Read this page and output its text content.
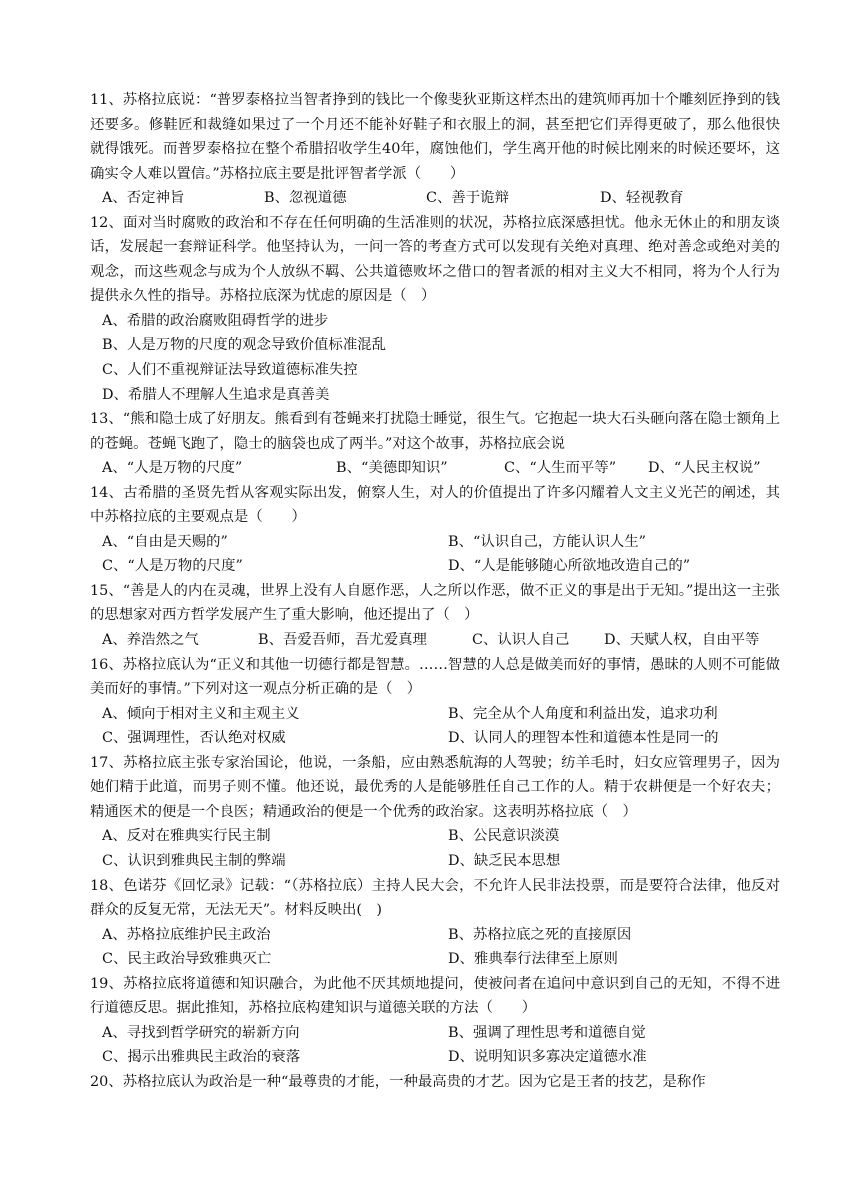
11、苏格拉底说：“普罗泰格拉当智者挣到的钱比一个像斐狄亚斯这样杰出的建筑师再加十个雕刻匠挣到的钱还要多。修鞋匠和裁缝如果过了一个月还不能补好鞋子和衣服上的洞，甚至把它们弄得更破了，那么他很快就得饿死。而普罗泰格拉在整个希腊招收学生40年，腐蚀他们，学生离开他的时候比刚来的时候还要坏，这确实令人难以置信。”苏格拉底主要是批评智者学派（　　）

A、否定神旨	B、忽视道德	C、善于诡辩	D、轻视教育

12、面对当时腐败的政治和不存在任何明确的生活准则的状况，苏格拉底深感担忧。他永无休止的和朋友谈话，发展起一套辩证科学。他坚持认为，一问一答的考查方式可以发现有关绝对真理、绝对善念或绝对美的观念，而这些观念与成为个人放纵不羁、公共道德败坏之借口的智者派的相对主义大不相同，将为个人行为提供永久性的指导。苏格拉底深为忧虑的原因是（　）

A、希腊的政治腐败阻碍哲学的进步
B、人是万物的尺度的观念导致价值标准混乱
C、人们不重视辩证法导致道德标准失控
D、希腊人不理解人生追求是真善美

13、“熊和隐士成了好朋友。熊看到有苍蝇来打扰隐士睡觉，很生气。它抱起一块大石头砸向落在隐士额角上的苍蝇。苍蝇飞跑了，隐士的脑袋也成了两半。”对这个故事，苏格拉底会说

A、“人是万物的尺度”	B、“美德即知识”	C、“人生而平等”	D、“人民主权说”

14、古希腊的圣贤先哲从客观实际出发，俯察人生，对人的价值提出了许多闪耀着人文主义光芒的阐述，其中苏格拉底的主要观点是（　　）

A、“自由是天赐的”	B、“认识自己，方能认识人生”
C、“人是万物的尺度”	D、“人是能够随心所欲地改造自己的”

15、“善是人的内在灵魂，世界上没有人自愿作恶，人之所以作恶，做不正义的事是出于无知。”提出这一主张的思想家对西方哲学发展产生了重大影响，他还提出了（　）

A、养浩然之气	B、吾爱吾师，吾尤爱真理	C、认识人自己	D、天赋人权，自由平等

16、苏格拉底认为“正义和其他一切德行都是智慧。……智慧的人总是做美而好的事情，愚昧的人则不可能做美而好的事情。”下列对这一观点分析正确的是（　）

A、倾向于相对主义和主观主义	B、完全从个人角度和利益出发，追求功利
C、强调理性，否认绝对权威	D、认同人的理智本性和道德本性是同一的

17、苏格拉底主张专家治国论，他说，一条船，应由熟悉航海的人驾驶；纺羊毛时，妇女应管理男子，因为她们精于此道，而男子则不懂。他还说，最优秀的人是能够胜任自己工作的人。精于农耕便是一个好农夫；精通医术的便是一个良医；精通政治的便是一个优秀的政治家。这表明苏格拉底（　）

A、反对在雅典实行民主制	B、公民意识淡漠
C、认识到雅典民主制的弊端	D、缺乏民本思想

18、色诺芬《回忆录》记载：“（苏格拉底）主持人民大会，不允许人民非法投票，而是要符合法律，他反对群众的反复无常，无法无天”。材料反映出(　)

A、苏格拉底维护民主政治	B、苏格拉底之死的直接原因
C、民主政治导致雅典灭亡	D、雅典奉行法律至上原则

19、苏格拉底将道德和知识融合，为此他不厌其烦地提问，使被问者在追问中意识到自己的无知，不得不进行道德反思。据此推知，苏格拉底构建知识与道德关联的方法（　　）

A、寻找到哲学研究的崭新方向	B、强调了理性思考和道德自觉
C、揭示出雅典民主政治的衰落	D、说明知识多寡决定道德水准

20、苏格拉底认为政治是一种“最尊贵的才能，一种最高贵的才艺。因为它是王者的技艺，是称作
